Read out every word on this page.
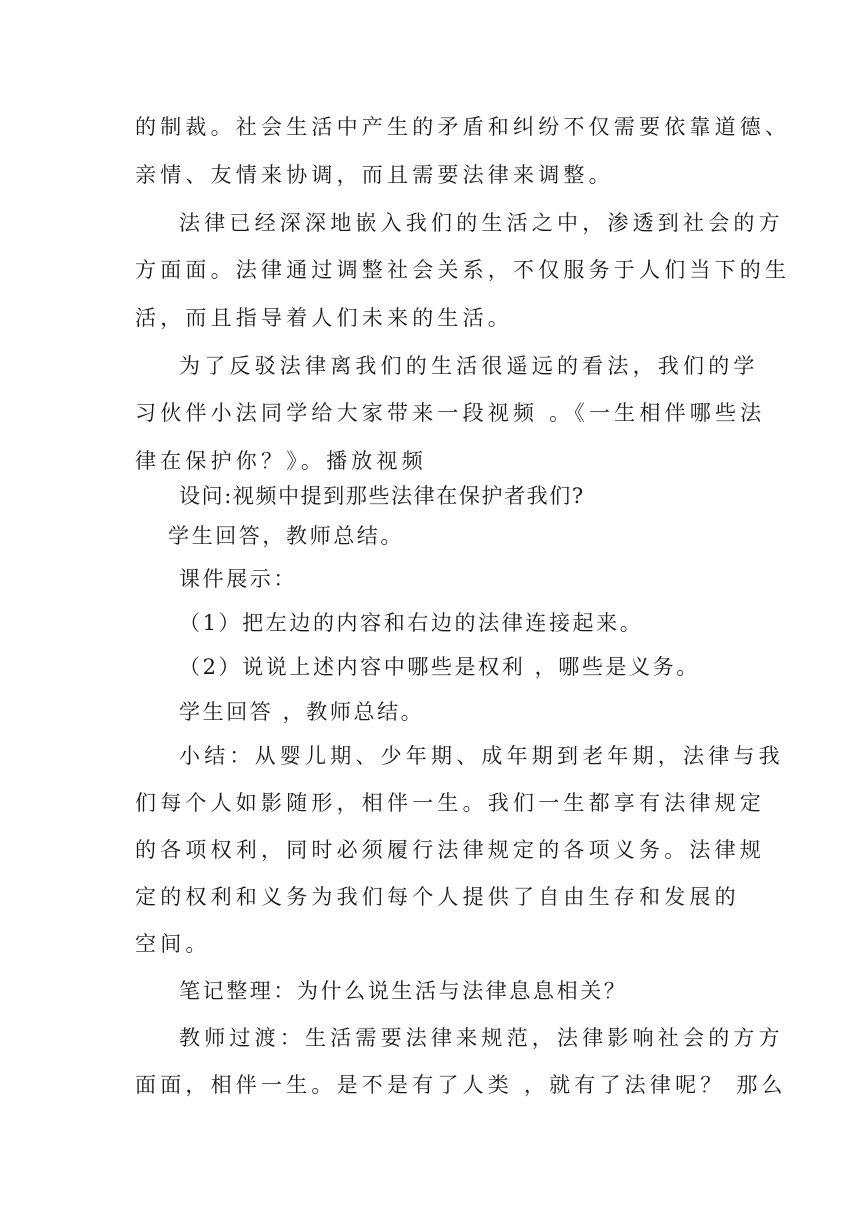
的制裁。社会生活中产生的矛盾和纠纷不仅需要依靠道德、
亲情、友情来协调，而且需要法律来调整。
法律已经深深地嵌入我们的生活之中，渗透到社会的方
方面面。法律通过调整社会关系，不仅服务于人们当下的生
活，而且指导着人们未来的生活。
为了反驳法律离我们的生活很遥远的看法，我们的学
习伙伴小法同学给大家带来一段视频 。《一生相伴哪些法
律在保护你？》。播放视频
设问:视频中提到那些法律在保护者我们?
学生回答，教师总结。
课件展示：
（1）把左边的内容和右边的法律连接起来。
（2）说说上述内容中哪些是权利 ，哪些是义务。
学生回答 ，教师总结。
小结：从婴儿期、少年期、成年期到老年期，法律与我
们每个人如影随形，相伴一生。我们一生都享有法律规定
的各项权利，同时必须履行法律规定的各项义务。法律规
定的权利和义务为我们每个人提供了自由生存和发展的
空间。
笔记整理：为什么说生活与法律息息相关？
教师过渡：生活需要法律来规范，法律影响社会的方方
面面，相伴一生。是不是有了人类 ，就有了法律呢？ 那么
